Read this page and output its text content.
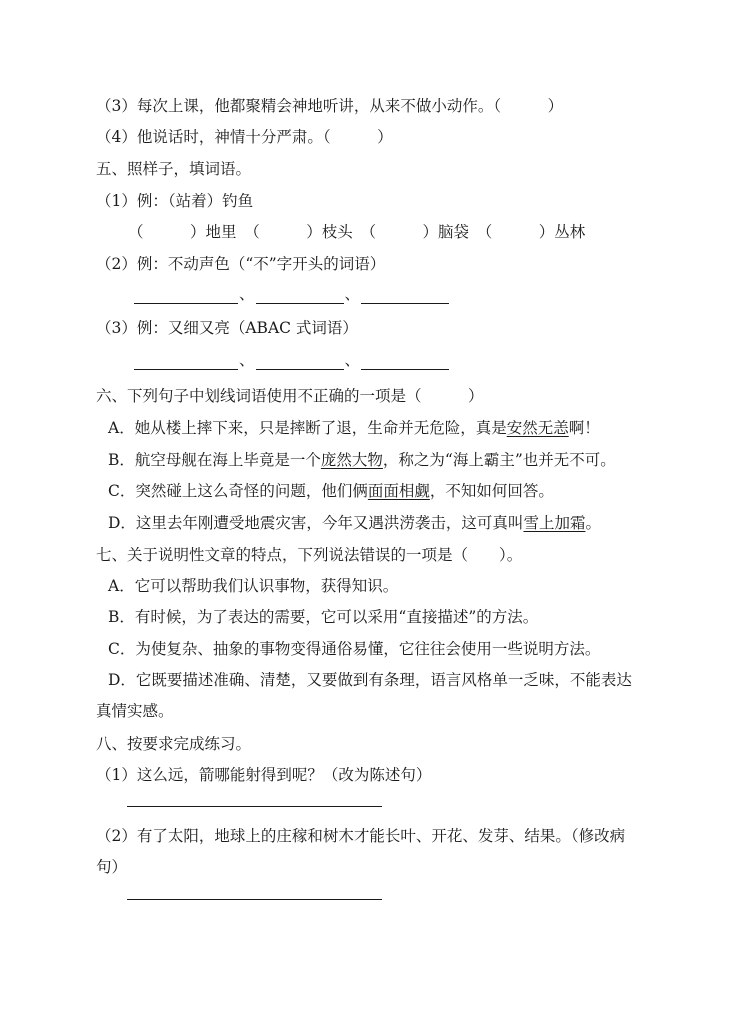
（3）每次上课，他都聚精会神地听讲，从来不做小动作。（　　　）
（4）他说话时，神情十分严肃。（　　　）
五、照样子，填词语。
（1）例：（站着）钓鱼
（　　　）地里　（　　　）枝头　（　　　）脑袋　（　　　）丛林
（2）例：不动声色（“不”字开头的词语）
、	、
（3）例：又细又亮（ABAC 式词语）
、	、
六、下列句子中划线词语使用不正确的一项是（　　　）
A．她从楼上摔下来，只是摔断了退，生命并无危险，真是安然无恙啊！
B．航空母舰在海上毕竟是一个庞然大物，称之为“海上霸主”也并无不可。
C．突然碰上这么奇怪的问题，他们俩面面相觑，不知如何回答。
D．这里去年刚遭受地震灾害，今年又遇洪涝袭击，这可真叫雪上加霜。
七、关于说明性文章的特点，下列说法错误的一项是（　　）。
A．它可以帮助我们认识事物，获得知识。
B．有时候，为了表达的需要，它可以采用“直接描述”的方法。
C．为使复杂、抽象的事物变得通俗易懂，它往往会使用一些说明方法。
D．它既要描述准确、清楚，又要做到有条理，语言风格单一乏味，不能表达
真情实感。
八、按要求完成练习。
（1）这么远，箭哪能射得到呢？（改为陈述句）
（2）有了太阳，地球上的庄稼和树木才能长叶、开花、发芽、结果。（修改病
句）
